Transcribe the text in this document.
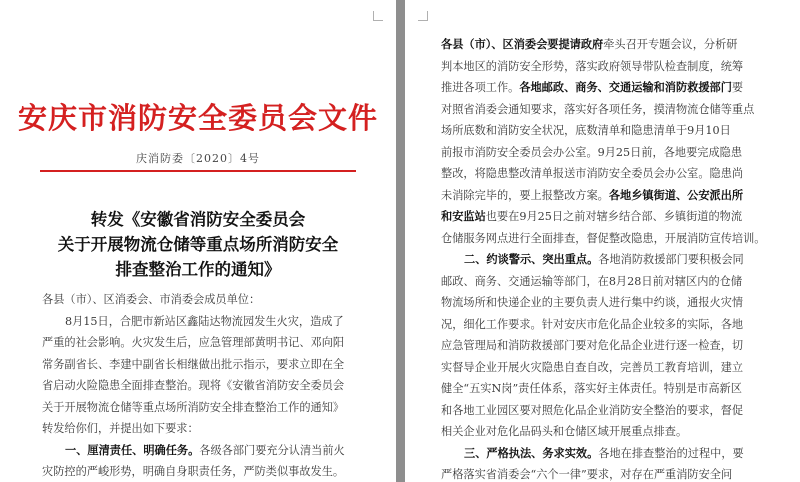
安庆市消防安全委员会文件
庆消防委〔2020〕4号
转发《安徽省消防安全委员会
关于开展物流仓储等重点场所消防安全
排查整治工作的通知》
各县（市）、区消委会、市消委会成员单位：
8月15日，合肥市新站区鑫陆达物流园发生火灾，造成了
严重的社会影响。火灾发生后，应急管理部黄明书记、邓向阳
常务副省长、李建中副省长相继做出批示指示，要求立即在全
省启动火险隐患全面排查整治。现将《安徽省消防安全委员会
关于开展物流仓储等重点场所消防安全排查整治工作的通知》
转发给你们，并提出如下要求：
一、厘清责任、明确任务。各级各部门要充分认清当前火
灾防控的严峻形势，明确自身职责任务，严防类似事故发生。
各县（市）、区消委会要提请政府牵头召开专题会议，分析研
判本地区的消防安全形势，落实政府领导带队检查制度，统筹
推进各项工作。各地邮政、商务、交通运输和消防救援部门要
对照省消委会通知要求，落实好各项任务，摸清物流仓储等重点
场所底数和消防安全状况，底数清单和隐患清单于9月10日
前报市消防安全委员会办公室。9月25日前，各地要完成隐患
整改，将隐患整改清单报送市消防安全委员会办公室。隐患尚
未消除完毕的，要上报整改方案。各地乡镇街道、公安派出所
和安监站也要在9月25日之前对辖乡结合部、乡镇街道的物流
仓储服务网点进行全面排查，督促整改隐患，开展消防宣传培训。
二、约谈警示、突出重点。各地消防救援部门要积极会同
邮政、商务、交通运输等部门，在8月28日前对辖区内的仓储
物流场所和快递企业的主要负责人进行集中约谈，通报火灾情
况，细化工作要求。针对安庆市危化品企业较多的实际，各地
应急管理局和消防救援部门要对危化品企业进行逐一检查，切
实督导企业开展火灾隐患自查自改，完善员工教育培训，建立
健全“五实N岗”责任体系，落实好主体责任。特别是市高新区
和各地工业园区要对照危化品企业消防安全整治的要求，督促
相关企业对危化品码头和仓储区域开展重点排查。
三、严格执法、务求实效。各地在排查整治的过程中，要
严格落实省消委会“六个一律”要求，对存在严重消防安全问
